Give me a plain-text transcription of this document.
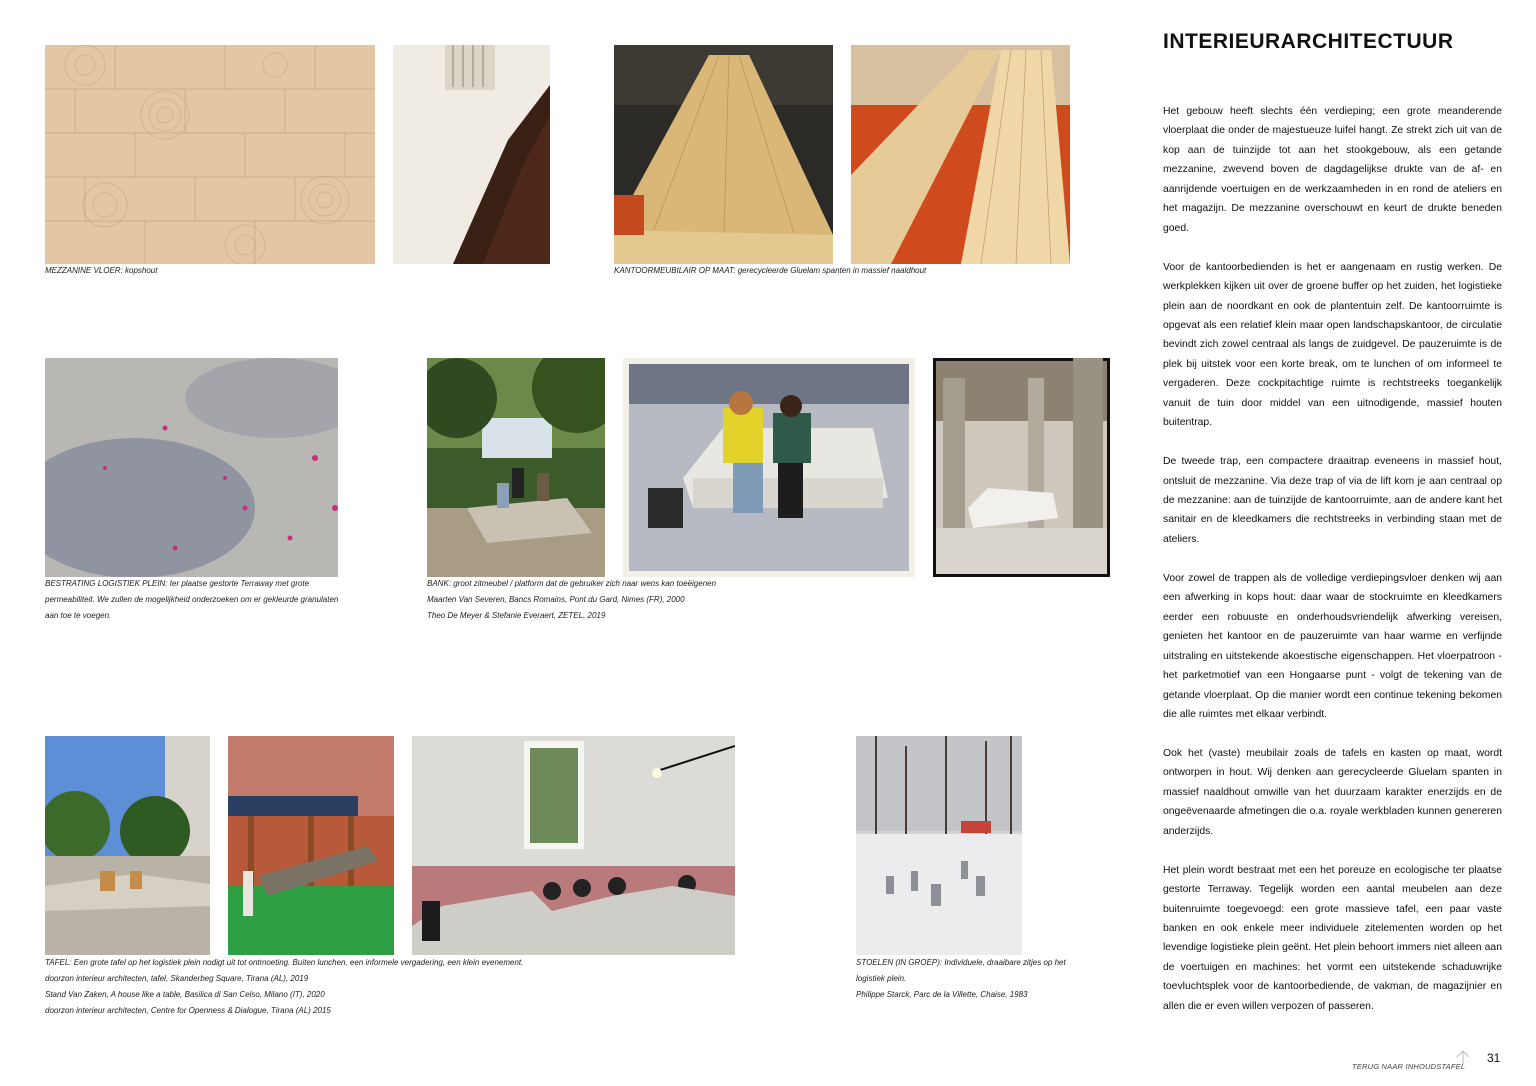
MEZZANINE VLOER: kopshout	KANTOORMEUBILAIR OP MAAT: gerecycleerde Gluelam spanten in massief naaldhout
BESTRATING LOGISTIEK PLEIN: ter plaatse gestorte Terraway met grote
permeabiliteit. We zullen de mogelijkheid onderzoeken om er gekleurde granulaten
aan toe te voegen.
BANK: groot zitmeubel / platform dat de gebruiker zich naar wens kan toeëigenen
Maarten Van Severen, Bancs Romains, Pont du Gard, Nimes (FR), 2000
Theo De Meyer & Stefanie Everaert, ZETEL, 2019
TAFEL: Een grote tafel op het logistiek plein nodigt uit tot ontmoeting. Buiten lunchen, een informele vergadering, een klein evenement.
doorzon interieur architecten, tafel, Skanderbeg Square, Tirana (AL), 2019
Stand Van Zaken, A house like a table, Basilica di San Celso, Milano (IT), 2020
doorzon interieur architecten, Centre for Openness & Dialogue, Tirana (AL) 2015
STOELEN (IN GROEP): Individuele, draaibare zitjes op het
logistiek plein.
Philippe Starck, Parc de la Villette, Chaise, 1983
INTERIEURARCHITECTUUR

Het gebouw heeft slechts één verdieping; een grote meanderende vloerplaat die onder de majestueuze luifel hangt. Ze strekt zich uit van de kop aan de tuinzijde tot aan het stookgebouw, als een getande mezzanine, zwevend boven de dagdagelijkse drukte van de af- en aanrijdende voertuigen en de werkzaamheden in en rond de ateliers en het magazijn. De mezzanine overschouwt en keurt de drukte beneden goed.

Voor de kantoorbedienden is het er aangenaam en rustig werken. De werkplekken kijken uit over de groene buffer op het zuiden, het logistieke plein aan de noordkant en ook de plantentuin zelf. De kantoorruimte is opgevat als een relatief klein maar open landschapskantoor, de circulatie bevindt zich zowel centraal als langs de zuidgevel. De pauzeruimte is de plek bij uitstek voor een korte break, om te lunchen of om informeel te vergaderen. Deze cockpitachtige ruimte is rechtstreeks toegankelijk vanuit de tuin door middel van een uitnodigende, massief houten buitentrap.

De tweede trap, een compactere draaitrap eveneens in massief hout, ontsluit de mezzanine. Via deze trap of via de lift kom je aan centraal op de mezzanine: aan de tuinzijde de kantoorruimte, aan de andere kant het sanitair en de kleedkamers die rechtstreeks in verbinding staan met de ateliers.

Voor zowel de trappen als de volledige verdiepingsvloer denken wij aan een afwerking in kops hout: daar waar de stockruimte en kleedkamers eerder een robuuste en onderhoudsvriendelijk afwerking vereisen, genieten het kantoor en de pauzeruimte van haar warme en verfijnde uitstraling en uitstekende akoestische eigenschappen. Het vloerpatroon - het parketmotief van een Hongaarse punt - volgt de tekening van de getande vloerplaat. Op die manier wordt een continue tekening bekomen die alle ruimtes met elkaar verbindt.

Ook het (vaste) meubilair zoals de tafels en kasten op maat, wordt ontworpen in hout. Wij denken aan gerecycleerde Gluelam spanten in massief naaldhout omwille van het duurzaam karakter enerzijds en de ongeëvenaarde afmetingen die o.a. royale werkbladen kunnen genereren anderzijds.

Het plein wordt bestraat met een het poreuze en ecologische ter plaatse gestorte Terraway. Tegelijk worden een aantal meubelen aan deze buitenruimte toegevoegd: een grote massieve tafel, een paar vaste banken en ook enkele meer individuele zitelementen worden op het levendige logistieke plein geënt. Het plein behoort immers niet alleen aan de voertuigen en machines: het vormt een uitstekende schaduwrijke toevluchtsplek voor de kantoorbediende, de vakman, de magazijnier en allen die er even willen verpozen of passeren.

TERUG NAAR INHOUDSTAFEL
31
